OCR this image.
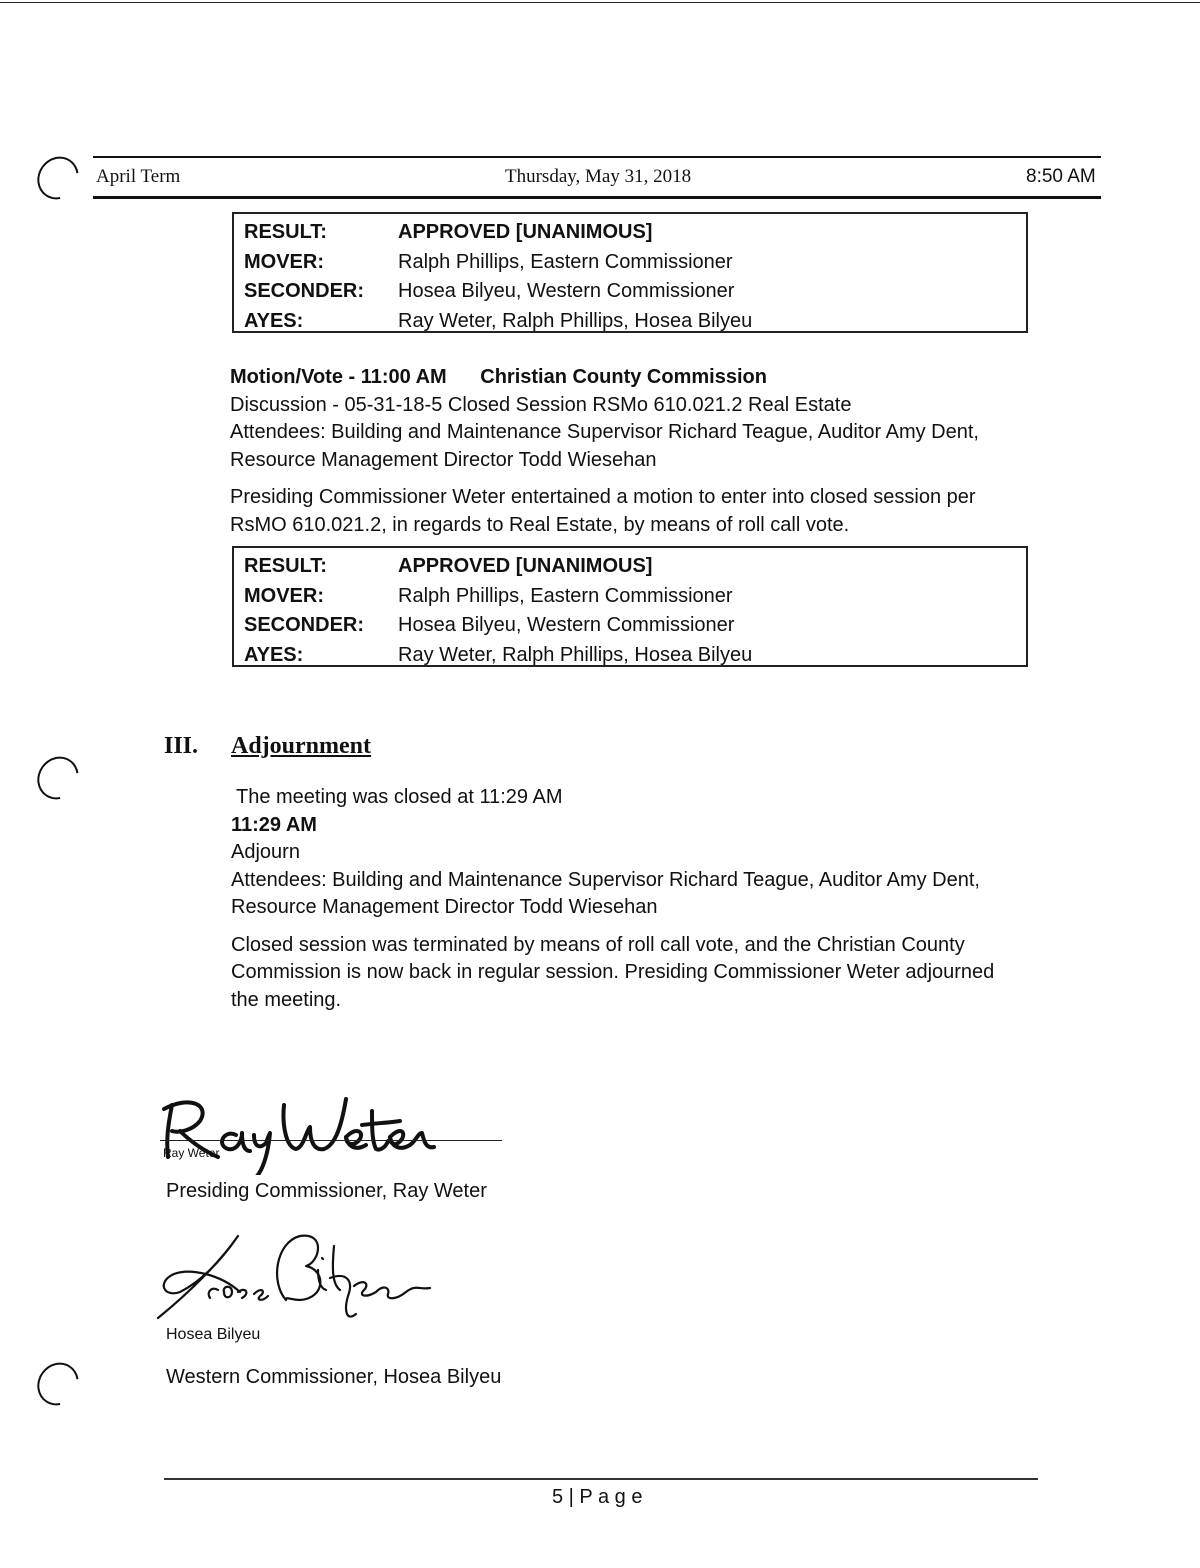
April Term	Thursday, May 31, 2018	8:50 AM
RESULT:	APPROVED [UNANIMOUS]
MOVER:	Ralph Phillips, Eastern Commissioner
SECONDER:	Hosea Bilyeu, Western Commissioner
AYES:	Ray Weter, Ralph Phillips, Hosea Bilyeu
Motion/Vote - 11:00 AM Christian County Commission
Discussion - 05-31-18-5 Closed Session RSMo 610.021.2 Real Estate
Attendees: Building and Maintenance Supervisor Richard Teague, Auditor Amy Dent,
Resource Management Director Todd Wiesehan
Presiding Commissioner Weter entertained a motion to enter into closed session per
RsMO 610.021.2, in regards to Real Estate, by means of roll call vote.
RESULT:	APPROVED [UNANIMOUS]
MOVER:	Ralph Phillips, Eastern Commissioner
SECONDER:	Hosea Bilyeu, Western Commissioner
AYES:	Ray Weter, Ralph Phillips, Hosea Bilyeu
III. Adjournment
The meeting was closed at 11:29 AM
11:29 AM
Adjourn
Attendees: Building and Maintenance Supervisor Richard Teague, Auditor Amy Dent,
Resource Management Director Todd Wiesehan
Closed session was terminated by means of roll call vote, and the Christian County
Commission is now back in regular session. Presiding Commissioner Weter adjourned
the meeting.
Ray Weter
Presiding Commissioner, Ray Weter
Hosea Bilyeu
Western Commissioner, Hosea Bilyeu
5 | P a g e
